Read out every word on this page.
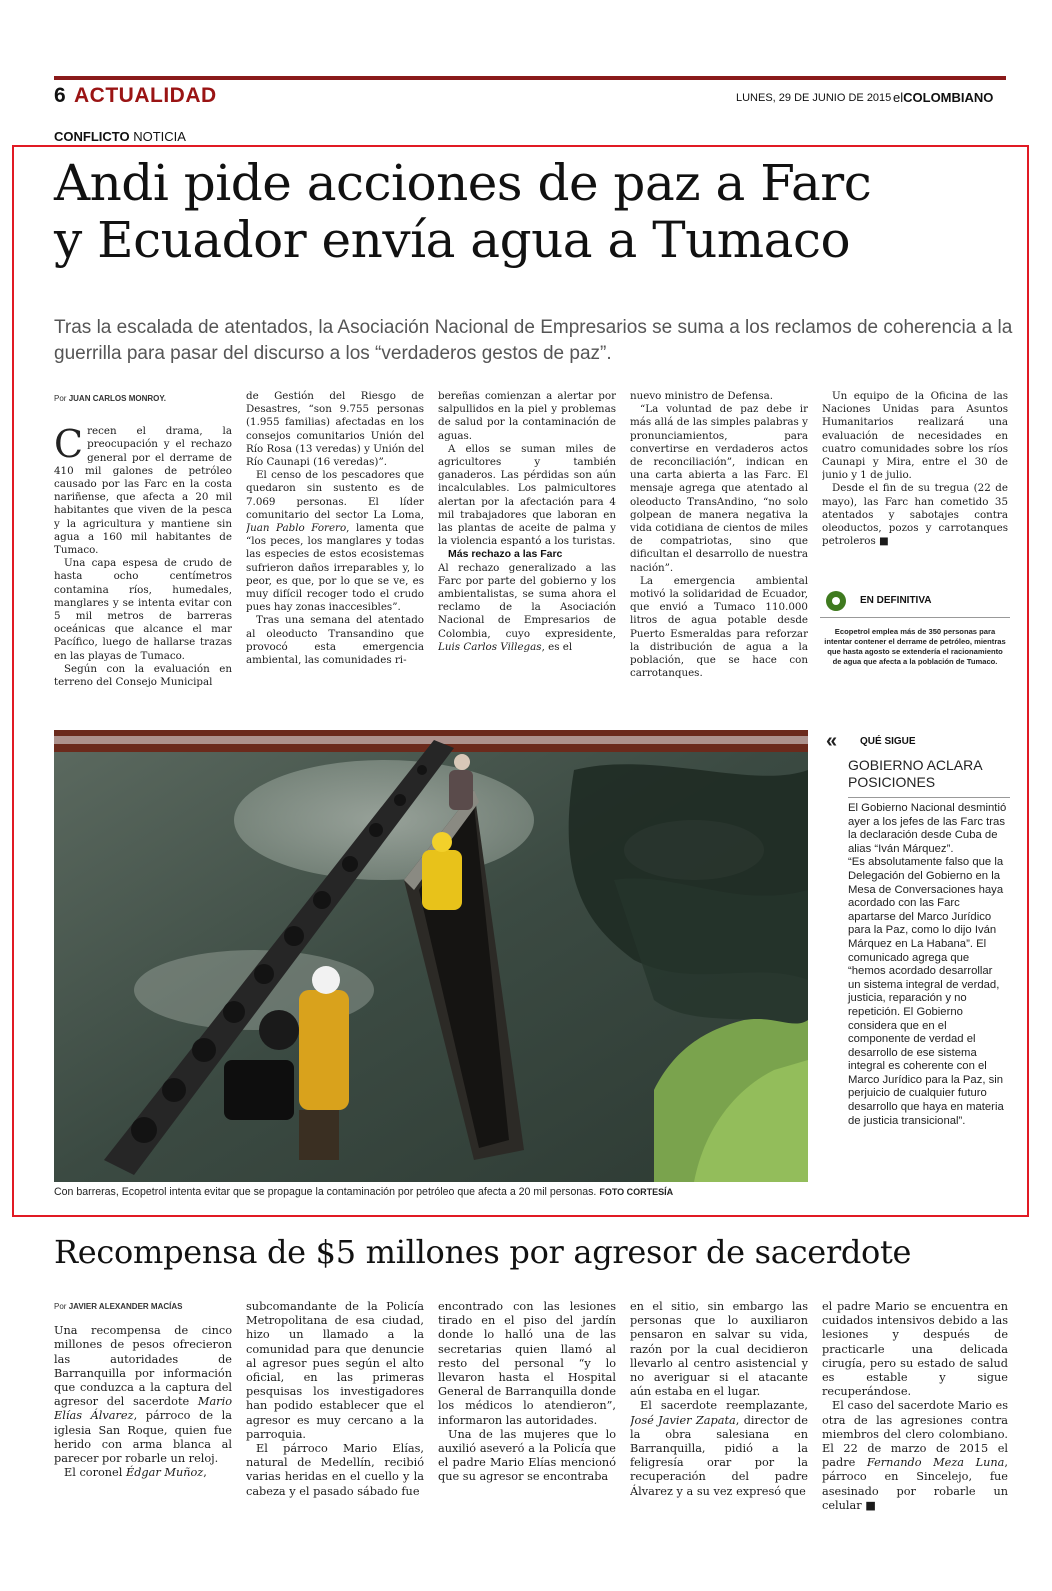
6 ACTUALIDAD	LUNES, 29 DE JUNIO DE 2015 elCOLOMBIANO
CONFLICTO NOTICIA
Andi pide acciones de paz a Farc
y Ecuador envía agua a Tumaco
Tras la escalada de atentados, la Asociación Nacional de Empresarios se suma a los reclamos de coherencia a la guerrilla para pasar del discurso a los “verdaderos gestos de paz”.
Por JUAN CARLOS MONROY.

Crecen el drama, la preocupación y el rechazo general por el derrame de 410 mil galones de petróleo causado por las Farc en la costa nariñense, que afecta a 20 mil habitantes que viven de la pesca y la agricultura y mantiene sin agua a 160 mil habitantes de Tumaco.

Una capa espesa de crudo de hasta ocho centímetros contamina ríos, humedales, manglares y se intenta evitar con 5 mil metros de barreras oceánicas que alcance el mar Pacífico, luego de hallarse trazas en las playas de Tumaco.

Según con la evaluación en terreno del Consejo Municipal

de Gestión del Riesgo de Desastres, “son 9.755 personas (1.955 familias) afectadas en los consejos comunitarios Unión del Río Rosa (13 veredas) y Unión del Río Caunapi (16 veredas)”.

El censo de los pescadores que quedaron sin sustento es de 7.069 personas. El líder comunitario del sector La Loma, Juan Pablo Forero, lamenta que “los peces, los manglares y todas las especies de estos ecosistemas sufrieron daños irreparables y, lo peor, es que, por lo que se ve, es muy difícil recoger todo el crudo pues hay zonas inaccesibles”.

Tras una semana del atentado al oleoducto Transandino que provocó esta emergencia ambiental, las comunidades ri-

bereñas comienzan a alertar por salpullidos en la piel y problemas de salud por la contaminación de aguas.

A ellos se suman miles de agricultores y también ganaderos. Las pérdidas son aún incalculables. Los palmicultores alertan por la afectación para 4 mil trabajadores que laboran en las plantas de aceite de palma y la violencia espantó a los turistas.

Más rechazo a las Farc

Al rechazo generalizado a las Farc por parte del gobierno y los ambientalistas, se suma ahora el reclamo de la Asociación Nacional de Empresarios de Colombia, cuyo expresidente, Luis Carlos Villegas, es el

nuevo ministro de Defensa.

“La voluntad de paz debe ir más allá de las simples palabras y pronunciamientos, para convertirse en verdaderos actos de reconciliación”, indican en una carta abierta a las Farc. El mensaje agrega que atentado al oleoducto TransAndino, “no solo golpean de manera negativa la vida cotidiana de cientos de miles de compatriotas, sino que dificultan el desarrollo de nuestra nación”.

La emergencia ambiental motivó la solidaridad de Ecuador, que envió a Tumaco 110.000 litros de agua potable desde Puerto Esmeraldas para reforzar la distribución de agua a la población, que se hace con carrotanques.

Un equipo de la Oficina de las Naciones Unidas para Asuntos Humanitarios realizará una evaluación de necesidades en cuatro comunidades sobre los ríos Caunapi y Mira, entre el 30 de junio y 1 de julio.

Desde el fin de su tregua (22 de mayo), las Farc han cometido 35 atentados y sabotajes contra oleoductos, pozos y carrotanques petroleros ■

EN DEFINITIVA
Ecopetrol emplea más de 350 personas para intentar contener el derrame de petróleo, mientras que hasta agosto se extendería el racionamiento de agua que afecta a la población de Tumaco.
«	QUÉ SIGUE
GOBIERNO ACLARA POSICIONES
El Gobierno Nacional desmintió ayer a los jefes de las Farc tras la declaración desde Cuba de alias “Iván Márquez”.
“Es absolutamente falso que la Delegación del Gobierno en la Mesa de Conversaciones haya acordado con las Farc apartarse del Marco Jurídico para la Paz, como lo dijo Iván Márquez en La Habana”. El comunicado agrega que “hemos acordado desarrollar un sistema integral de verdad, justicia, reparación y no repetición. El Gobierno considera que en el componente de verdad el desarrollo de ese sistema integral es coherente con el Marco Jurídico para la Paz, sin perjuicio de cualquier futuro desarrollo que haya en materia de justicia transicional”.
Con barreras, Ecopetrol intenta evitar que se propague la contaminación por petróleo que afecta a 20 mil personas. FOTO CORTESÍA
Recompensa de $5 millones por agresor de sacerdote
Por JAVIER ALEXANDER MACÍAS

Una recompensa de cinco millones de pesos ofrecieron las autoridades de Barranquilla por información que conduzca a la captura del agresor del sacerdote Mario Elías Álvarez, párroco de la iglesia San Roque, quien fue herido con arma blanca al parecer por robarle un reloj.

El coronel Édgar Muñoz,

subcomandante de la Policía Metropolitana de esa ciudad, hizo un llamado a la comunidad para que denuncie al agresor pues según el alto oficial, en las primeras pesquisas los investigadores han podido establecer que el agresor es muy cercano a la parroquia.

El párroco Mario Elías, natural de Medellín, recibió varias heridas en el cuello y la cabeza y el pasado sábado fue

encontrado con las lesiones tirado en el piso del jardín donde lo halló una de las secretarias quien llamó al resto del personal “y lo llevaron hasta el Hospital General de Barranquilla donde los médicos lo atendieron”, informaron las autoridades.

Una de las mujeres que lo auxilió aseveró a la Policía que el padre Mario Elías mencionó que su agresor se encontraba

en el sitio, sin embargo las personas que lo auxiliaron pensaron en salvar su vida, razón por la cual decidieron llevarlo al centro asistencial y no averiguar si el atacante aún estaba en el lugar.

El sacerdote reemplazante, José Javier Zapata, director de la obra salesiana en Barranquilla, pidió a la feligresía orar por la recuperación del padre Álvarez y a su vez expresó que

el padre Mario se encuentra en cuidados intensivos debido a las lesiones y después de practicarle una delicada cirugía, pero su estado de salud es estable y sigue recuperándose.

El caso del sacerdote Mario es otra de las agresiones contra miembros del clero colombiano. El 22 de marzo de 2015 el padre Fernando Meza Luna, párroco en Sincelejo, fue asesinado por robarle un celular ■
